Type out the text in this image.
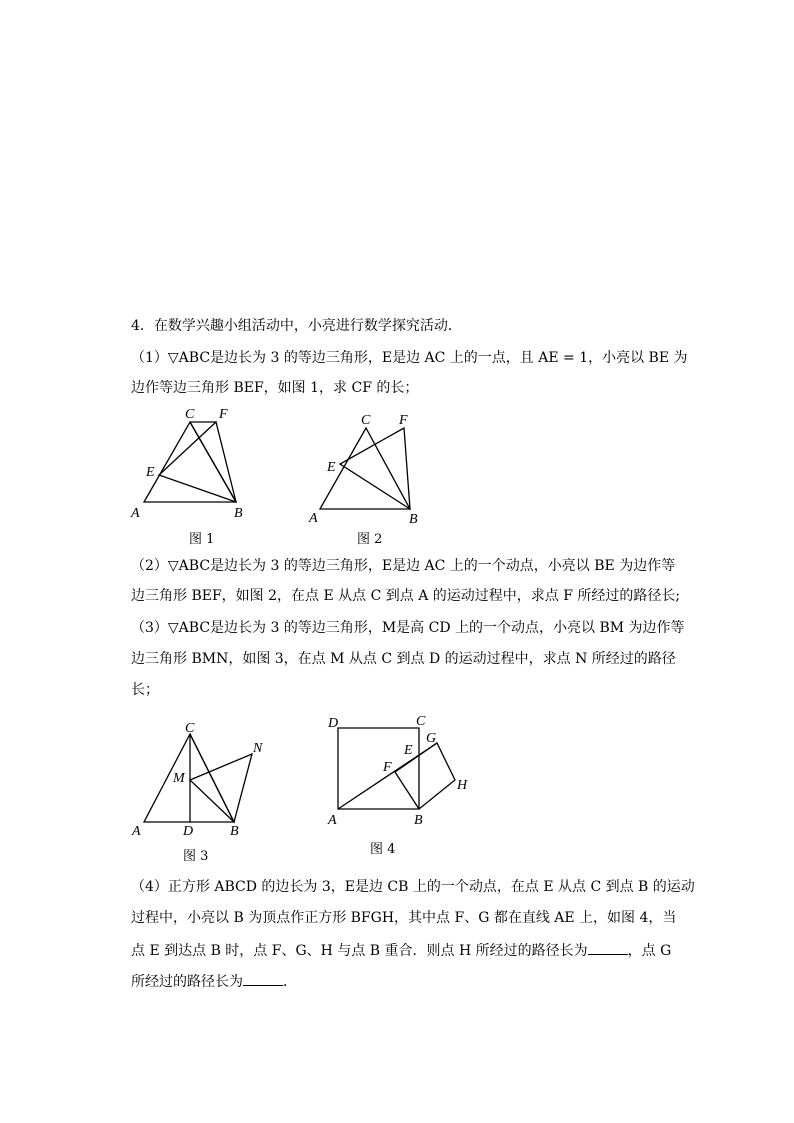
4．在数学兴趣小组活动中，小亮进行数学探究活动．
（1）▽ABC是边长为 3 的等边三角形，E是边 AC 上的一点，且 AE = 1，小亮以 BE 为
边作等边三角形 BEF，如图 1，求 CF 的长；
C F
E
A	B
图 1
C F
E
A	B
图 2
（2）▽ABC是边长为 3 的等边三角形，E是边 AC 上的一个动点，小亮以 BE 为边作等
边三角形 BEF，如图 2，在点 E 从点 C 到点 A 的运动过程中，求点 F 所经过的路径长;
（3）▽ABC是边长为 3 的等边三角形，M是高 CD 上的一个动点，小亮以 BM 为边作等
边三角形 BMN，如图 3，在点 M 从点 C 到点 D 的运动过程中，求点 N 所经过的路径
长；
C
N
M
A	D	B
图 3
D	C
E
G
F
H
A	B
图 4
（4）正方形 ABCD 的边长为 3，E是边 CB 上的一个动点，在点 E 从点 C 到点 B 的运动
过程中，小亮以 B 为顶点作正方形 BFGH，其中点 F、G 都在直线 AE 上，如图 4，当
点 E 到达点 B 时，点 F、G、H 与点 B 重合．则点 H 所经过的路径长为	，点 G
所经过的路径长为	．
